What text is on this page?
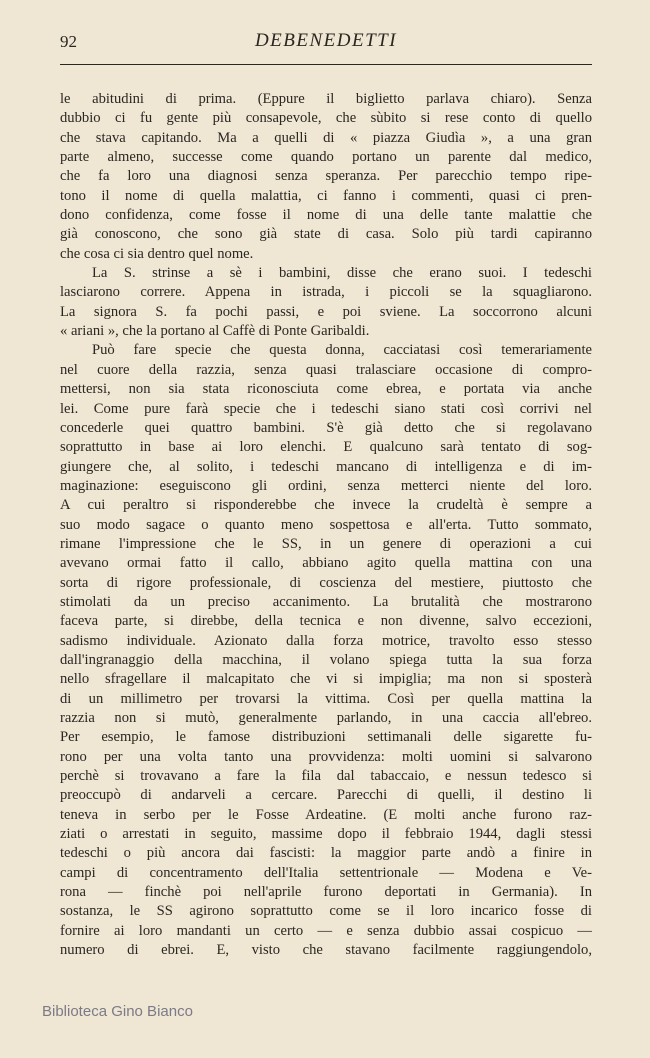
92	DEBENEDETTI
le abitudini di prima. (Eppure il biglietto parlava chiaro). Senza
dubbio ci fu gente più consapevole, che sùbito si rese conto di quello
che stava capitando. Ma a quelli di « piazza Giudìa », a una gran
parte almeno, successe come quando portano un parente dal medico,
che fa loro una diagnosi senza speranza. Per parecchio tempo ripe-
tono il nome di quella malattia, ci fanno i commenti, quasi ci pren-
dono confidenza, come fosse il nome di una delle tante malattie che
già conoscono, che sono già state di casa. Solo più tardi capiranno
che cosa ci sia dentro quel nome.
La S. strinse a sè i bambini, disse che erano suoi. I tedeschi
lasciarono correre. Appena in istrada, i piccoli se la squagliarono.
La signora S. fa pochi passi, e poi sviene. La soccorrono alcuni
« ariani », che la portano al Caffè di Ponte Garibaldi.
Può fare specie che questa donna, cacciatasi così temerariamente
nel cuore della razzia, senza quasi tralasciare occasione di compro-
mettersi, non sia stata riconosciuta come ebrea, e portata via anche
lei. Come pure farà specie che i tedeschi siano stati così corrivi nel
concederle quei quattro bambini. S'è già detto che si regolavano
soprattutto in base ai loro elenchi. E qualcuno sarà tentato di sog-
giungere che, al solito, i tedeschi mancano di intelligenza e di im-
maginazione: eseguiscono gli ordini, senza metterci niente del loro.
A cui peraltro si risponderebbe che invece la crudeltà è sempre a
suo modo sagace o quanto meno sospettosa e all'erta. Tutto sommato,
rimane l'impressione che le SS, in un genere di operazioni a cui
avevano ormai fatto il callo, abbiano agito quella mattina con una
sorta di rigore professionale, di coscienza del mestiere, piuttosto che
stimolati da un preciso accanimento. La brutalità che mostrarono
faceva parte, si direbbe, della tecnica e non divenne, salvo eccezioni,
sadismo individuale. Azionato dalla forza motrice, travolto esso stesso
dall'ingranaggio della macchina, il volano spiega tutta la sua forza
nello sfragellare il malcapitato che vi si impiglia; ma non si sposterà
di un millimetro per trovarsi la vittima. Così per quella mattina la
razzia non si mutò, generalmente parlando, in una caccia all'ebreo.
Per esempio, le famose distribuzioni settimanali delle sigarette fu-
rono per una volta tanto una provvidenza: molti uomini si salvarono
perchè si trovavano a fare la fila dal tabaccaio, e nessun tedesco si
preoccupò di andarveli a cercare. Parecchi di quelli, il destino li
teneva in serbo per le Fosse Ardeatine. (E molti anche furono raz-
ziati o arrestati in seguito, massime dopo il febbraio 1944, dagli stessi
tedeschi o più ancora dai fascisti: la maggior parte andò a finire in
campi di concentramento dell'Italia settentrionale — Modena e Ve-
rona — finchè poi nell'aprile furono deportati in Germania). In
sostanza, le SS agirono soprattutto come se il loro incarico fosse di
fornire ai loro mandanti un certo — e senza dubbio assai cospicuo —
numero di ebrei. E, visto che stavano facilmente raggiungendolo,
Biblioteca Gino Bianco
